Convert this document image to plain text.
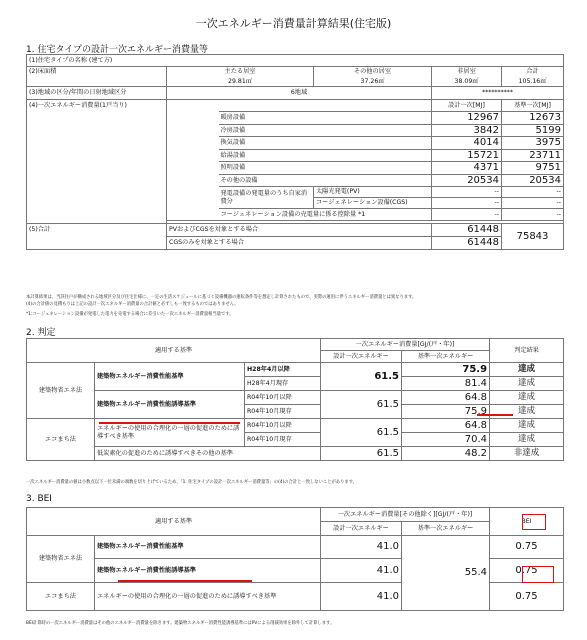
一次エネルギー消費量計算結果(住宅版)
1. 住宅タイプの設計一次エネルギー消費量等
(1)住宅タイプの名称 (建て方)					
(2)床面積	主たる居室		その他の居室	非居室	合計
	29.81㎡		37.26㎡	38.09㎡	105.16㎡
(3)地域の区分/年間の日射地域区分	6地域			**********	
(4)一次エネルギー消費量(1戸当り)				設計一次[MJ]	基準一次[MJ]
		暖房設備		12967	12673
		冷房設備		3842	5199
		換気設備		4014	3975
		給湯設備		15721	23711
		照明設備		4371	9751
		その他の設備		20534	20534
		発電設備の発電量のうち自家消費分	太陽光発電(PV)	--	--
			コージェネレーション設備(CGS)	--	--
		コージェネレーション設備の売電量に係る控除量 *1		--	--

(5)合計	PVおよびCGSを対象とする場合			61448	75843
	CGSのみを対象とする場合			61448	
本計算結果は、当該住戸が構成される地域区分及び住宅仕様に、一定の生活スケジュールに基づく設備機器の運転条件等を想定し計算されたもので、実際の運用に伴うエネルギー消費量とは異なります。
(4)の合計値の見積もりは上記の設計一次エネルギー消費量の合計値と必ずしも一致するものではありません。
*1:コージェネレーション設備が発電した電力を売電する場合に差引いた一次エネルギー消費量相当量です。
2. 判定
適用する基準			一次エネルギー消費量[GJ/(戸・年)]		判定結果
			設計一次エネルギー	基準一次エネルギー	
建築物省エネ法	建築物エネルギー消費性能基準	H28年4月以降	61.5	75.9	達成
		H28年4月現存		81.4	達成
	建築物エネルギー消費性能誘導基準	R04年10月以降	61.5	64.8	達成
		R04年10月現存		75.9	達成
エコまち法	エネルギーの使用の合理化の一層の促進のために誘導すべき基準	R04年10月以降	61.5	64.8	達成
		R04年10月現存		70.4	達成
	低炭素化の促進のために誘導すべきその他の基準		61.5	48.2	非達成
一次エネルギー消費量の値は小数点以下一位未満の端数を切り上げているため、「1. 住宅タイプの設計一次エネルギー消費量等」の(4)の合計と一致しないことがあります。
3. BEI
適用する基準		一次エネルギー消費量[その他除く][GJ/(戸・年)]		BEI
		設計一次エネルギー	基準一次エネルギー	
建築物省エネ法	建築物エネルギー消費性能基準	41.0	55.4	0.75
	建築物エネルギー消費性能誘導基準	41.0		0.75
エコまち法	エネルギーの使用の合理化の一層の促進のために誘導すべき基準	41.0		0.75
BEI計算時の一次エネルギー消費量はその他のエネルギー消費量を除きます。建築物エネルギー消費性能誘導基準にはPVによる削減効果を除外して計算します。
